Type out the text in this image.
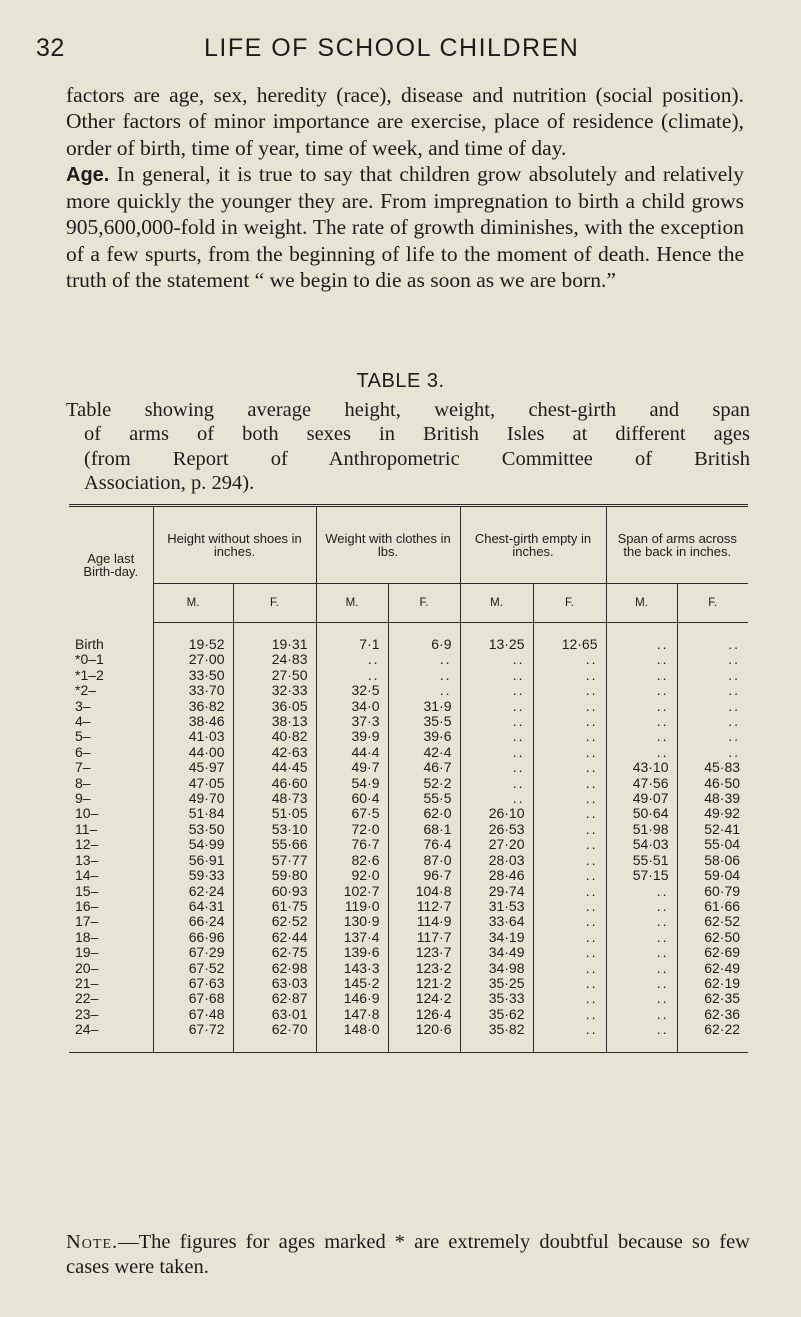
32	LIFE OF SCHOOL CHILDREN

factors are age, sex, heredity (race), disease and nutrition (social position). Other factors of minor importance are exercise, place of residence (climate), order of birth, time of year, time of week, and time of day.

Age. In general, it is true to say that children grow absolutely and relatively more quickly the younger they are. From impregnation to birth a child grows 905,600,000-fold in weight. The rate of growth diminishes, with the exception of a few spurts, from the beginning of life to the moment of death. Hence the truth of the statement “ we begin to die as soon as we are born.”

TABLE 3.
Table showing average height, weight, chest-girth and span
of arms of both sexes in British Isles at different ages
(from Report of Anthropometric Committee of British
Association, p. 294).
Age last Birth-day.	Height without shoes in inches.		Weight with clothes in lbs.		Chest-girth empty in inches.		Span of arms across the back in inches.	
	M.	F.	M.	F.	M.	F.	M.	F.
Birth	19·52	19·31	7·1	6·9	13·25	12·65	..	..
*0–1	27·00	24·83	..	..	..	..	..	..
*1–2	33·50	27·50	..	..	..	..	..	..
*2–	33·70	32·33	32·5	..	..	..	..	..
3–	36·82	36·05	34·0	31·9	..	..	..	..
4–	38·46	38·13	37·3	35·5	..	..	..	..
5–	41·03	40·82	39·9	39·6	..	..	..	..
6–	44·00	42·63	44·4	42·4	..	..	..	..
7–	45·97	44·45	49·7	46·7	..	..	43·10	45·83
8–	47·05	46·60	54·9	52·2	..	..	47·56	46·50
9–	49·70	48·73	60·4	55·5	..	..	49·07	48·39
10–	51·84	51·05	67·5	62·0	26·10	..	50·64	49·92
11–	53·50	53·10	72·0	68·1	26·53	..	51·98	52·41
12–	54·99	55·66	76·7	76·4	27·20	..	54·03	55·04
13–	56·91	57·77	82·6	87·0	28·03	..	55·51	58·06
14–	59·33	59·80	92·0	96·7	28·46	..	57·15	59·04
15–	62·24	60·93	102·7	104·8	29·74	..	..	60·79
16–	64·31	61·75	119·0	112·7	31·53	..	..	61·66
17–	66·24	62·52	130·9	114·9	33·64	..	..	62·52
18–	66·96	62·44	137·4	117·7	34·19	..	..	62·50
19–	67·29	62·75	139·6	123·7	34·49	..	..	62·69
20–	67·52	62·98	143·3	123·2	34·98	..	..	62·49
21–	67·63	63·03	145·2	121·2	35·25	..	..	62·19
22–	67·68	62·87	146·9	124·2	35·33	..	..	62·35
23–	67·48	63·01	147·8	126·4	35·62	..	..	62·36
24–	67·72	62·70	148·0	120·6	35·82	..	..	62·22

Note.—The figures for ages marked * are extremely doubtful because so few cases were taken.
